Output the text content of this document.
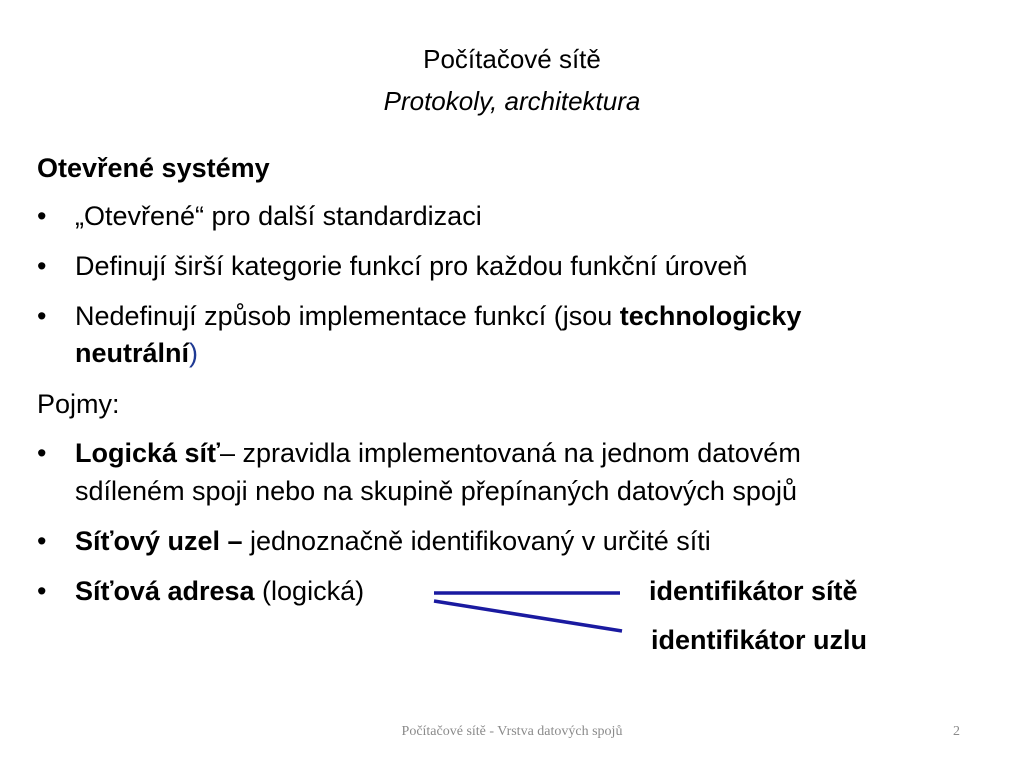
Počítačové sítě
Protokoly, architektura
Otevřené systémy
• „Otevřené“ pro další standardizaci
• Definují širší kategorie funkcí pro každou funkční úroveň
• Nedefinují způsob implementace funkcí (jsou technologicky
neutrální)
Pojmy:
• Logická síť– zpravidla implementovaná na jednom datovém
sdíleném spoji nebo na skupině přepínaných datových spojů
• Síťový uzel – jednoznačně identifikovaný v určité síti
• Síťová adresa (logická)	identifikátor sítě
identifikátor uzlu
Počítačové sítě - Vrstva datových spojů	2
